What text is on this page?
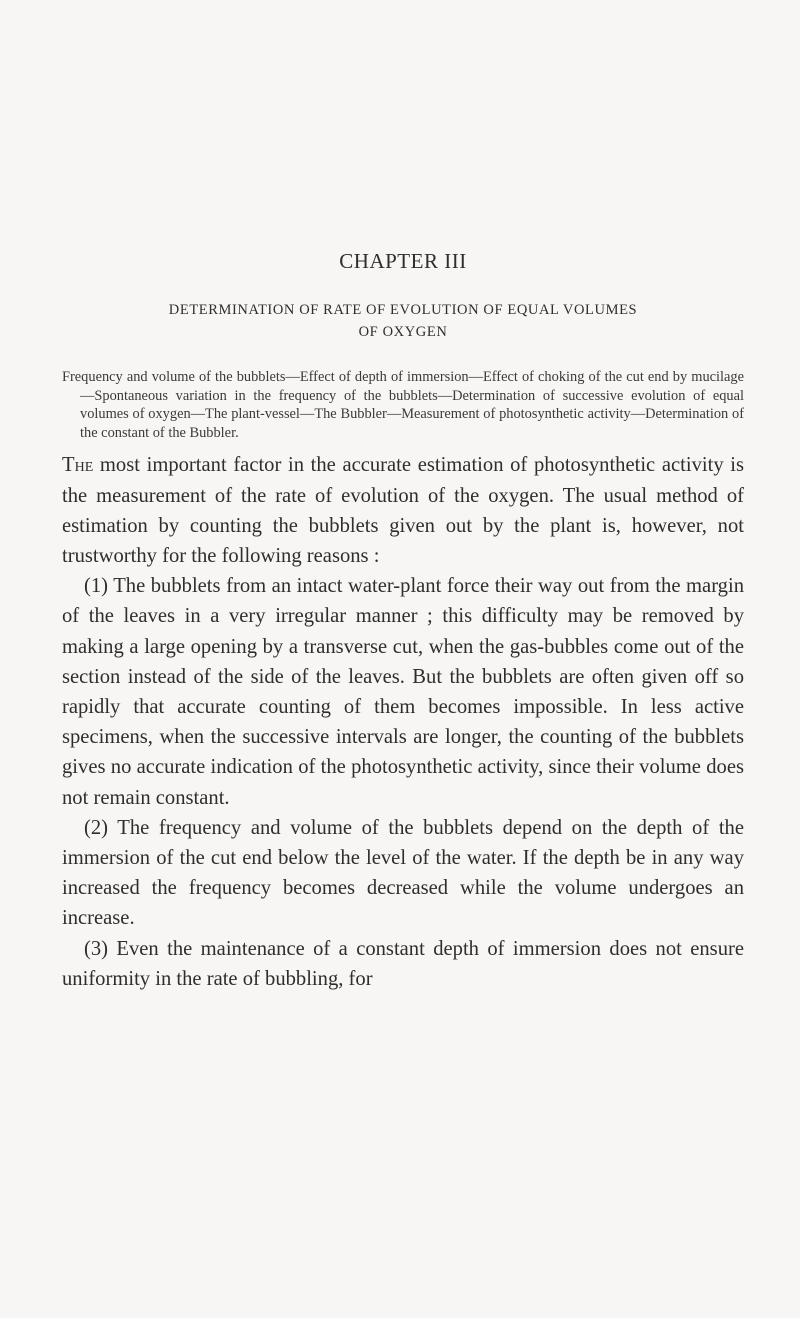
CHAPTER III
DETERMINATION OF RATE OF EVOLUTION OF EQUAL VOLUMES
OF OXYGEN

Frequency and volume of the bubblets—Effect of depth of immersion—Effect of choking of the cut end by mucilage—Spontaneous variation in the frequency of the bubblets—Determination of successive evolution of equal volumes of oxygen—The plant-vessel—The Bubbler—Measurement of photosynthetic activity—Determination of the constant of the Bubbler.

The most important factor in the accurate estimation of photosynthetic activity is the measurement of the rate of evolution of the oxygen. The usual method of estimation by counting the bubblets given out by the plant is, however, not trustworthy for the following reasons :

(1) The bubblets from an intact water-plant force their way out from the margin of the leaves in a very irregular manner ; this difficulty may be removed by making a large opening by a transverse cut, when the gas-bubbles come out of the section instead of the side of the leaves. But the bubblets are often given off so rapidly that accurate counting of them becomes impossible. In less active specimens, when the successive intervals are longer, the counting of the bubblets gives no accurate indication of the photosynthetic activity, since their volume does not remain constant.

(2) The frequency and volume of the bubblets depend on the depth of the immersion of the cut end below the level of the water. If the depth be in any way increased the frequency becomes decreased while the volume undergoes an increase.

(3) Even the maintenance of a constant depth of immersion does not ensure uniformity in the rate of bubbling, for
